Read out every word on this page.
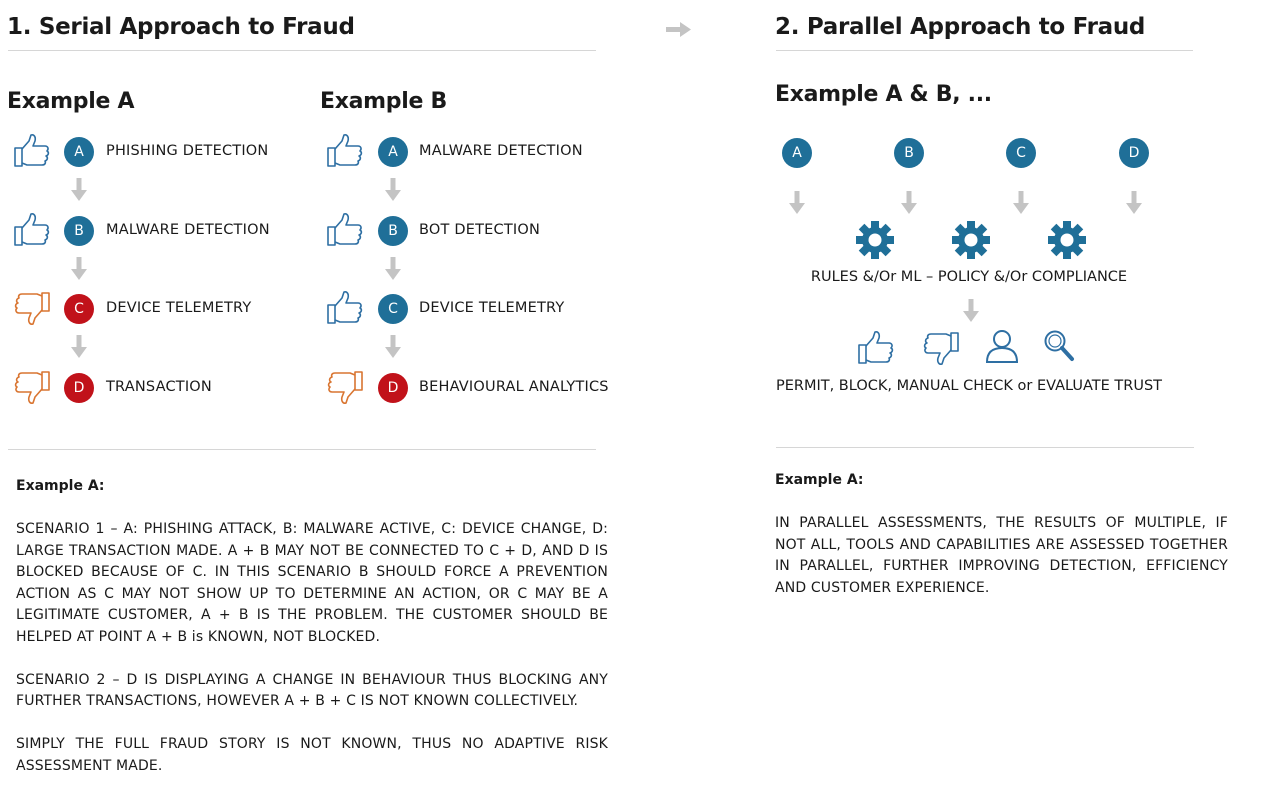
1. Serial Approach to Fraud
Example A	Example B
A	PHISHING DETECTION
B	MALWARE DETECTION
C	DEVICE TELEMETRY
D	TRANSACTION
A	MALWARE DETECTION
B	BOT DETECTION
C	DEVICE TELEMETRY
D	BEHAVIOURAL ANALYTICS
Example A:

SCENARIO 1 – A: PHISHING ATTACK, B: MALWARE ACTIVE, C: DEVICE CHANGE, D: LARGE TRANSACTION MADE. A + B MAY NOT BE CONNECTED TO C + D, AND D IS BLOCKED BECAUSE OF C. IN THIS SCENARIO B SHOULD FORCE A PREVENTION ACTION AS C MAY NOT SHOW UP TO DETERMINE AN ACTION, OR C MAY BE A LEGITIMATE CUSTOMER, A + B IS THE PROBLEM. THE CUSTOMER SHOULD BE HELPED AT POINT A + B is KNOWN, NOT BLOCKED.

SCENARIO 2 – D IS DISPLAYING A CHANGE IN BEHAVIOUR THUS BLOCKING ANY FURTHER TRANSACTIONS, HOWEVER A + B + C IS NOT KNOWN COLLECTIVELY.

SIMPLY THE FULL FRAUD STORY IS NOT KNOWN, THUS NO ADAPTIVE RISK ASSESSMENT MADE.

2. Parallel Approach to Fraud
Example A & B, ...
A	B	C	D
RULES &/Or ML – POLICY &/Or COMPLIANCE
PERMIT, BLOCK, MANUAL CHECK or EVALUATE TRUST
Example A:

IN PARALLEL ASSESSMENTS, THE RESULTS OF MULTIPLE, IF NOT ALL, TOOLS AND CAPABILITIES ARE ASSESSED TOGETHER IN PARALLEL, FURTHER IMPROVING DETECTION, EFFICIENCY AND CUSTOMER EXPERIENCE.
